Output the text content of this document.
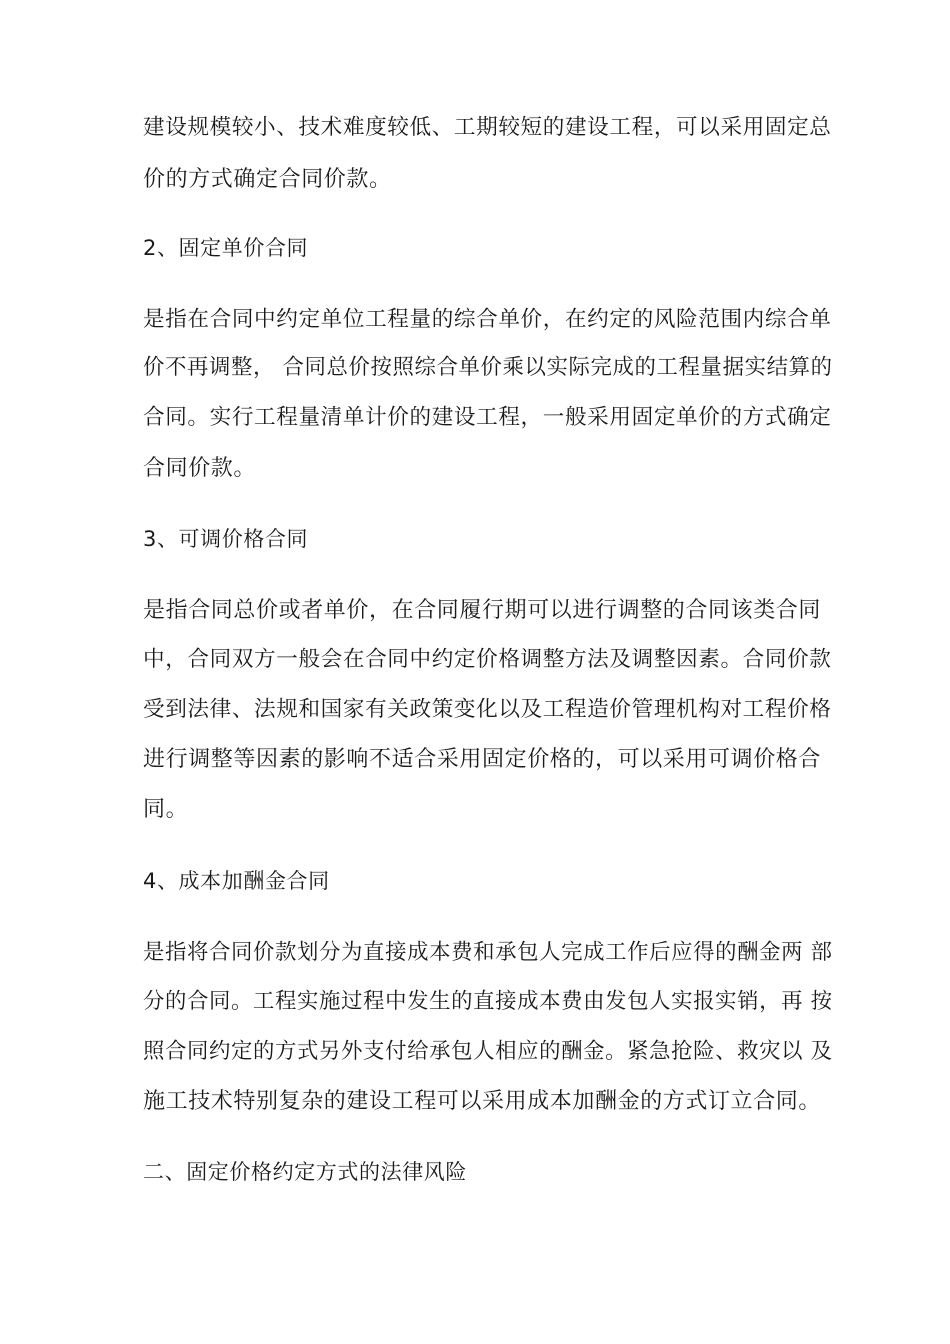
建设规模较小、技术难度较低、工期较短的建设工程，可以采用固定总
价的方式确定合同价款。
2、固定单价合同
是指在合同中约定单位工程量的综合单价，在约定的风险范围内综合单
价不再调整， 合同总价按照综合单价乘以实际完成的工程量据实结算的
合同。实行工程量清单计价的建设工程，一般采用固定单价的方式确定
合同价款。
3、可调价格合同
是指合同总价或者单价，在合同履行期可以进行调整的合同该类合同
中，合同双方一般会在合同中约定价格调整方法及调整因素。合同价款
受到法律、法规和国家有关政策变化以及工程造价管理机构对工程价格
进行调整等因素的影响不适合采用固定价格的，可以采用可调价格合
同。
4、成本加酬金合同
是指将合同价款划分为直接成本费和承包人完成工作后应得的酬金两 部
分的合同。工程实施过程中发生的直接成本费由发包人实报实销，再 按
照合同约定的方式另外支付给承包人相应的酬金。紧急抢险、救灾以 及
施工技术特别复杂的建设工程可以采用成本加酬金的方式订立合同。
二、固定价格约定方式的法律风险
